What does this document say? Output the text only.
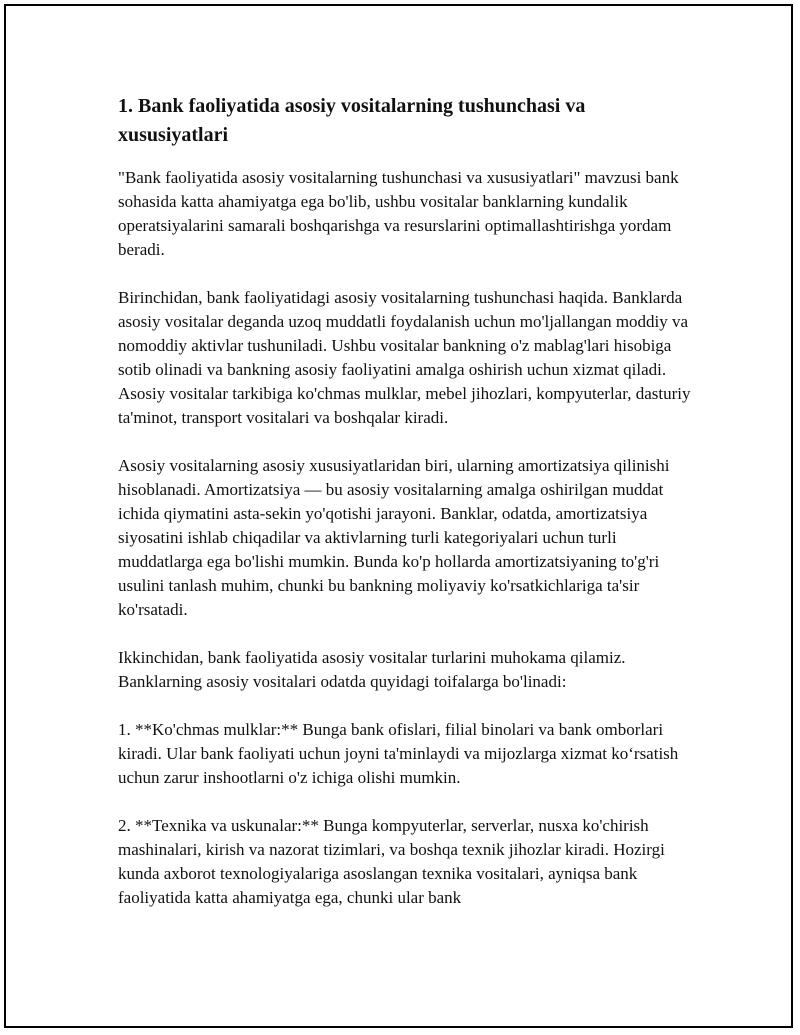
1. Bank faoliyatida asosiy vositalarning tushunchasi va xususiyatlari

"Bank faoliyatida asosiy vositalarning tushunchasi va xususiyatlari" mavzusi bank sohasida katta ahamiyatga ega bo'lib, ushbu vositalar banklarning kundalik operatsiyalarini samarali boshqarishga va resurslarini optimallashtirishga yordam beradi.

Birinchidan, bank faoliyatidagi asosiy vositalarning tushunchasi haqida. Banklarda asosiy vositalar deganda uzoq muddatli foydalanish uchun mo'ljallangan moddiy va nomoddiy aktivlar tushuniladi. Ushbu vositalar bankning o'z mablag'lari hisobiga sotib olinadi va bankning asosiy faoliyatini amalga oshirish uchun xizmat qiladi. Asosiy vositalar tarkibiga ko'chmas mulklar, mebel jihozlari, kompyuterlar, dasturiy ta'minot, transport vositalari va boshqalar kiradi.

Asosiy vositalarning asosiy xususiyatlaridan biri, ularning amortizatsiya qilinishi hisoblanadi. Amortizatsiya — bu asosiy vositalarning amalga oshirilgan muddat ichida qiymatini asta-sekin yo'qotishi jarayoni. Banklar, odatda, amortizatsiya siyosatini ishlab chiqadilar va aktivlarning turli kategoriyalari uchun turli muddatlarga ega bo'lishi mumkin. Bunda ko'p hollarda amortizatsiyaning to'g'ri usulini tanlash muhim, chunki bu bankning moliyaviy ko'rsatkichlariga ta'sir ko'rsatadi.

Ikkinchidan, bank faoliyatida asosiy vositalar turlarini muhokama qilamiz. Banklarning asosiy vositalari odatda quyidagi toifalarga bo'linadi:

1. **Ko'chmas mulklar:** Bunga bank ofislari, filial binolari va bank omborlari kiradi. Ular bank faoliyati uchun joyni ta'minlaydi va mijozlarga xizmat ko‘rsatish uchun zarur inshootlarni o'z ichiga olishi mumkin.

2. **Texnika va uskunalar:** Bunga kompyuterlar, serverlar, nusxa ko'chirish mashinalari, kirish va nazorat tizimlari, va boshqa texnik jihozlar kiradi. Hozirgi kunda axborot texnologiyalariga asoslangan texnika vositalari, ayniqsa bank faoliyatida katta ahamiyatga ega, chunki ular bank
